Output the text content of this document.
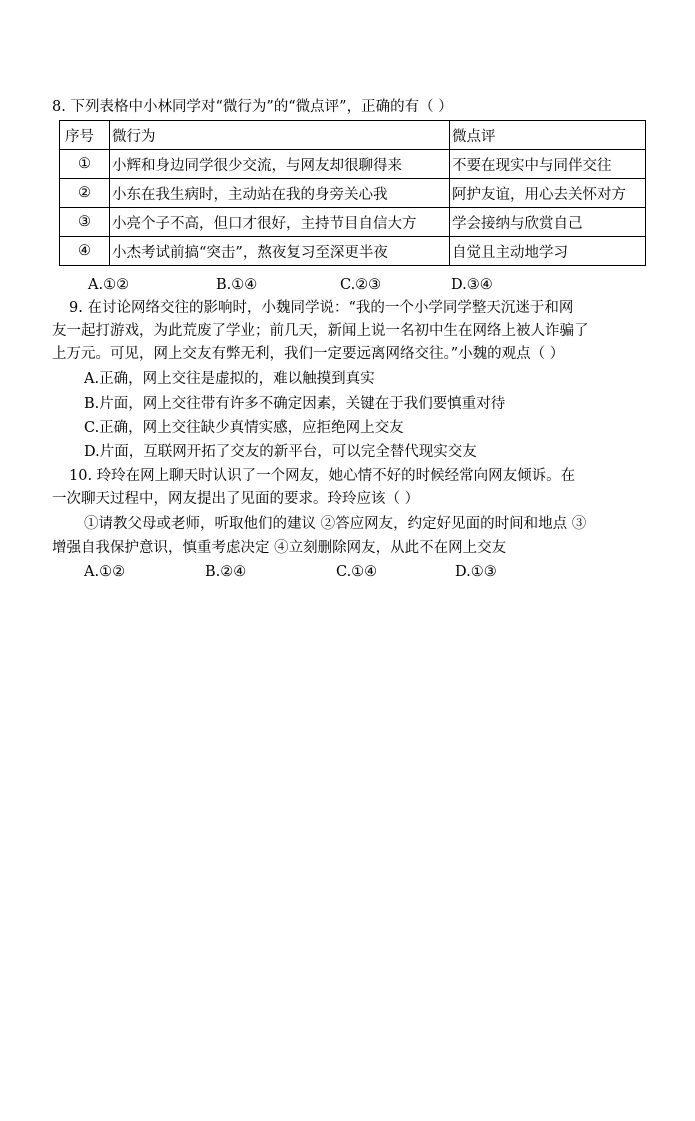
8. 下列表格中小林同学对“微行为”的“微点评”，正确的有（ ）
序号	微行为	微点评
①	小辉和身边同学很少交流，与网友却很聊得来	不要在现实中与同伴交往
②	小东在我生病时，主动站在我的身旁关心我	阿护友谊，用心去关怀对方
③	小亮个子不高，但口才很好，主持节目自信大方	学会接纳与欣赏自己
④	小杰考试前搞“突击”，熬夜复习至深更半夜	自觉且主动地学习
A.①②	B.①④	C.②③	D.③④
9. 在讨论网络交往的影响时，小魏同学说：“我的一个小学同学整天沉迷于和网
友一起打游戏，为此荒废了学业；前几天，新闻上说一名初中生在网络上被人诈骗了
上万元。可见，网上交友有弊无利，我们一定要远离网络交往。”小魏的观点（ ）
A.正确，网上交往是虚拟的，难以触摸到真实
B.片面，网上交往带有许多不确定因素，关键在于我们要慎重对待
C.正确，网上交往缺少真情实感，应拒绝网上交友
D.片面，互联网开拓了交友的新平台，可以完全替代现实交友
10. 玲玲在网上聊天时认识了一个网友，她心情不好的时候经常向网友倾诉。在
一次聊天过程中，网友提出了见面的要求。玲玲应该（ ）
①请教父母或老师，听取他们的建议 ②答应网友，约定好见面的时间和地点 ③
增强自我保护意识，慎重考虑决定 ④立刻删除网友，从此不在网上交友
A.①②	B.②④	C.①④	D.①③
